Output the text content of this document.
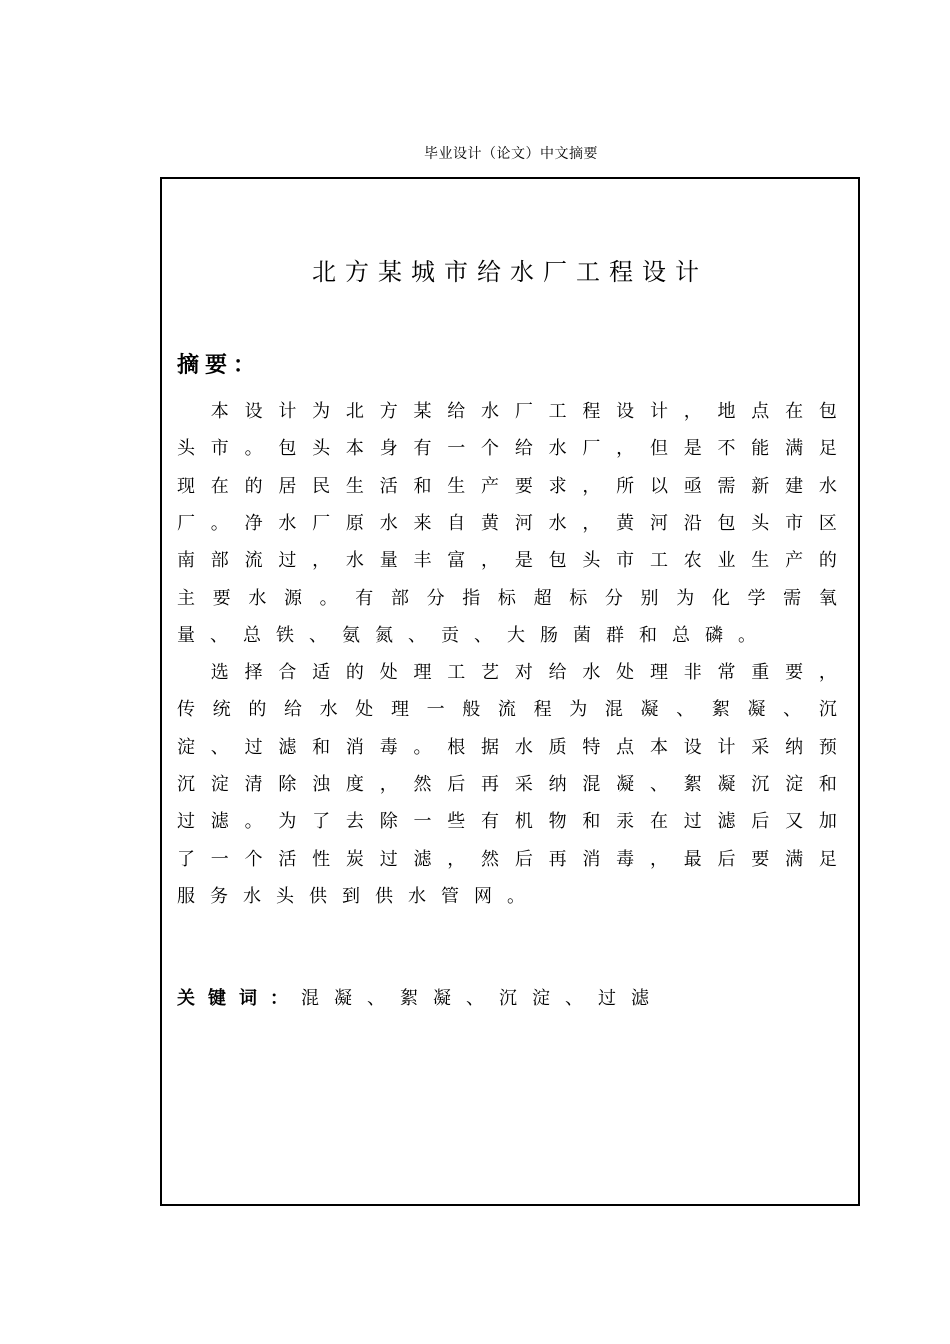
毕业设计（论文）中文摘要
北方某城市给水厂工程设计
摘要：

本 设 计 为 北 方 某 给 水 厂 工 程 设 计 ， 地 点 在 包
头 市 。 包 头 本 身 有 一 个 给 水 厂 ， 但 是 不 能 满 足
现 在 的 居 民 生 活 和 生 产 要 求 ， 所 以 亟 需 新 建 水
厂 。 净 水 厂 原 水 来 自 黄 河 水 ， 黄 河 沿 包 头 市 区
南 部 流 过 ， 水 量 丰 富 ， 是 包 头 市 工 农 业 生 产 的
主 要 水 源 。 有 部 分 指 标 超 标 分 别 为 化 学 需 氧
量 、 总 铁 、 氨 氮 、 贡 、 大 肠 菌 群 和 总 磷 。

选 择 合 适 的 处 理 工 艺 对 给 水 处 理 非 常 重 要 ，
传 统 的 给 水 处 理 一 般 流 程 为 混 凝 、 絮 凝 、 沉
淀 、 过 滤 和 消 毒 。 根 据 水 质 特 点 本 设 计 采 纳 预
沉 淀 清 除 浊 度 ， 然 后 再 采 纳 混 凝 、 絮 凝 沉 淀 和
过 滤 。 为 了 去 除 一 些 有 机 物 和 汞 在 过 滤 后 又 加
了 一 个 活 性 炭 过 滤 ， 然 后 再 消 毒 ， 最 后 要 满 足
服 务 水 头 供 到 供 水 管 网 。
关键词：混凝、絮凝、沉淀、过滤
